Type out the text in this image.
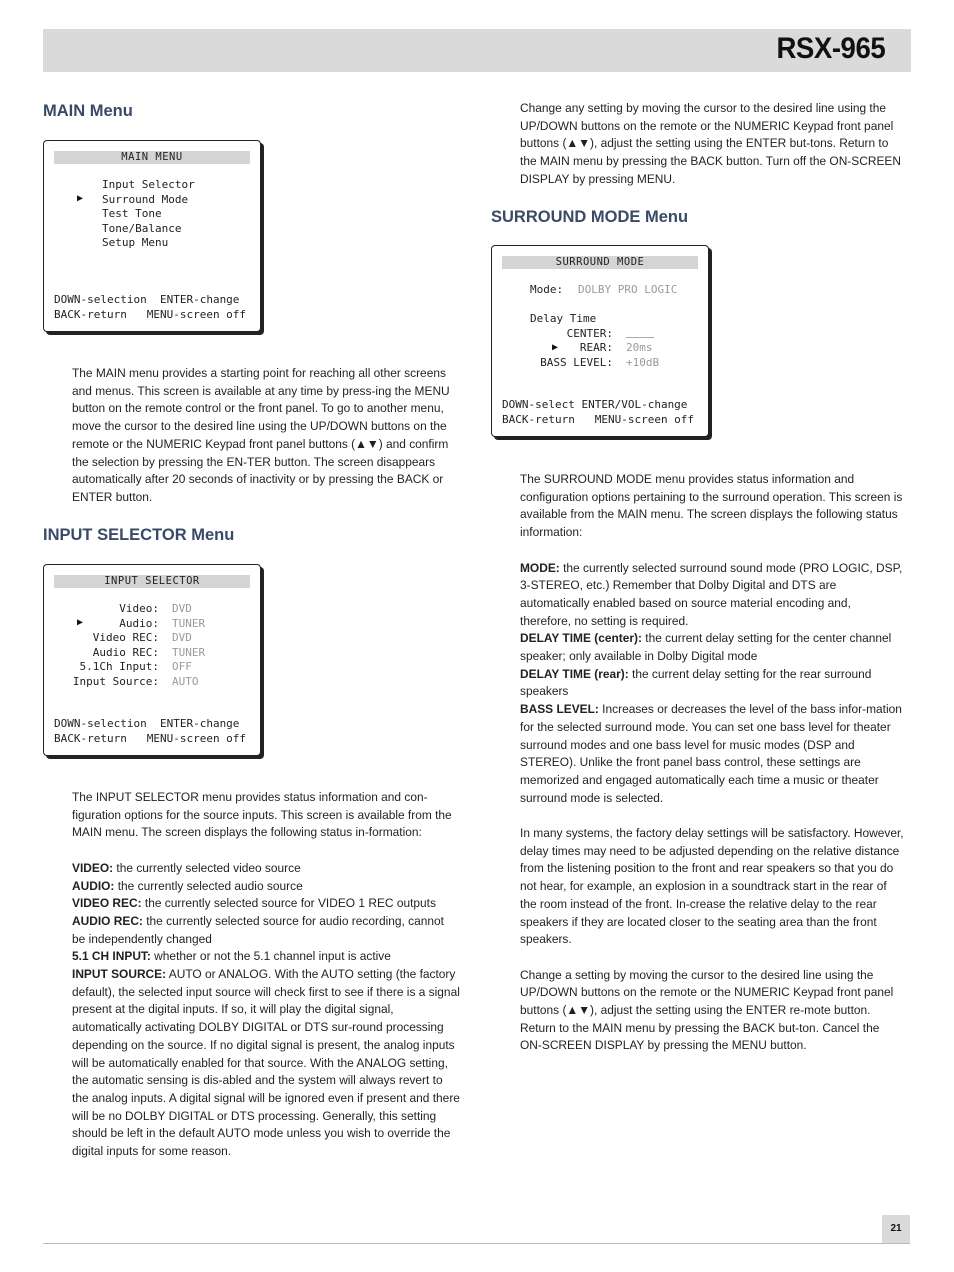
RSX-965
MAIN Menu
MAIN MENU
▶
Input Selector
Surround Mode
Test Tone
Tone/Balance
Setup Menu
DOWN-selection  ENTER-change
BACK-return   MENU-screen off

The MAIN menu provides a starting point for reaching all other screens and menus. This screen is available at any time by press-ing the MENU button on the remote control or the front panel. To go to another menu, move the cursor to the desired line using the UP/DOWN buttons on the remote or the NUMERIC Keypad front panel buttons (▲▼) and confirm the selection by pressing the EN-TER button. The screen disappears automatically after 20 seconds of inactivity or by pressing the BACK or ENTER button.

INPUT SELECTOR Menu
INPUT SELECTOR
▶
Video: DVD
Audio: TUNER
Video REC: DVD
Audio REC: TUNER
5.1Ch Input: OFF
Input Source: AUTO
DOWN-selection  ENTER-change
BACK-return   MENU-screen off
The INPUT SELECTOR menu provides status information and con-figuration options for the source inputs. This screen is available from the MAIN menu. The screen displays the following status in-formation:
VIDEO: the currently selected video source
AUDIO: the currently selected audio source
VIDEO REC: the currently selected source for VIDEO 1 REC outputs
AUDIO REC: the currently selected source for audio recording, cannot be independently changed
5.1 CH INPUT: whether or not the 5.1 channel input is active
INPUT SOURCE: AUTO or ANALOG. With the AUTO setting (the factory default), the selected input source will check first to see if there is a signal present at the digital inputs. If so, it will play the digital signal, automatically activating DOLBY DIGITAL or DTS sur-round processing depending on the source. If no digital signal is present, the analog inputs will be automatically enabled for that source. With the ANALOG setting, the automatic sensing is dis-abled and the system will always revert to the analog inputs. A digital signal will be ignored even if present and there will be no DOLBY DIGITAL or DTS processing. Generally, this setting should be left in the default AUTO mode unless you wish to override the digital inputs for some reason.

Change any setting by moving the cursor to the desired line using the UP/DOWN buttons on the remote or the NUMERIC Keypad front panel buttons (▲▼), adjust the setting using the ENTER but-tons. Return to the MAIN menu by pressing the BACK button. Turn off the ON-SCREEN DISPLAY by pressing MENU.

SURROUND MODE Menu
SURROUND MODE
Mode: DOLBY PRO LOGIC
Delay Time
CENTER:
▶ REAR: 20ms
BASS LEVEL: +10dB
DOWN-select ENTER/VOL-change
BACK-return   MENU-screen off
The SURROUND MODE menu provides status information and configuration options pertaining to the surround operation. This screen is available from the MAIN menu. The screen displays the following status information:
MODE: the currently selected surround sound mode (PRO LOGIC, DSP, 3-STEREO, etc.) Remember that Dolby Digital and DTS are automatically enabled based on source material encoding and, therefore, no setting is required.
DELAY TIME (center): the current delay setting for the center channel speaker; only available in Dolby Digital mode
DELAY TIME (rear): the current delay setting for the rear surround speakers
BASS LEVEL: Increases or decreases the level of the bass infor-mation for the selected surround mode. You can set one bass level for theater surround modes and one bass level for music modes (DSP and STEREO). Unlike the front panel bass control, these settings are memorized and engaged automatically each time a music or theater surround mode is selected.
In many systems, the factory delay settings will be satisfactory. However, delay times may need to be adjusted depending on the relative distance from the listening position to the front and rear speakers so that you do not hear, for example, an explosion in a soundtrack start in the rear of the room instead of the front. In-crease the relative delay to the rear speakers if they are located closer to the seating area than the front speakers.
Change a setting by moving the cursor to the desired line using the UP/DOWN buttons on the remote or the NUMERIC Keypad front panel buttons (▲▼), adjust the setting using the ENTER re-mote button. Return to the MAIN menu by pressing the BACK but-ton. Cancel the ON-SCREEN DISPLAY by pressing the MENU button.
21
